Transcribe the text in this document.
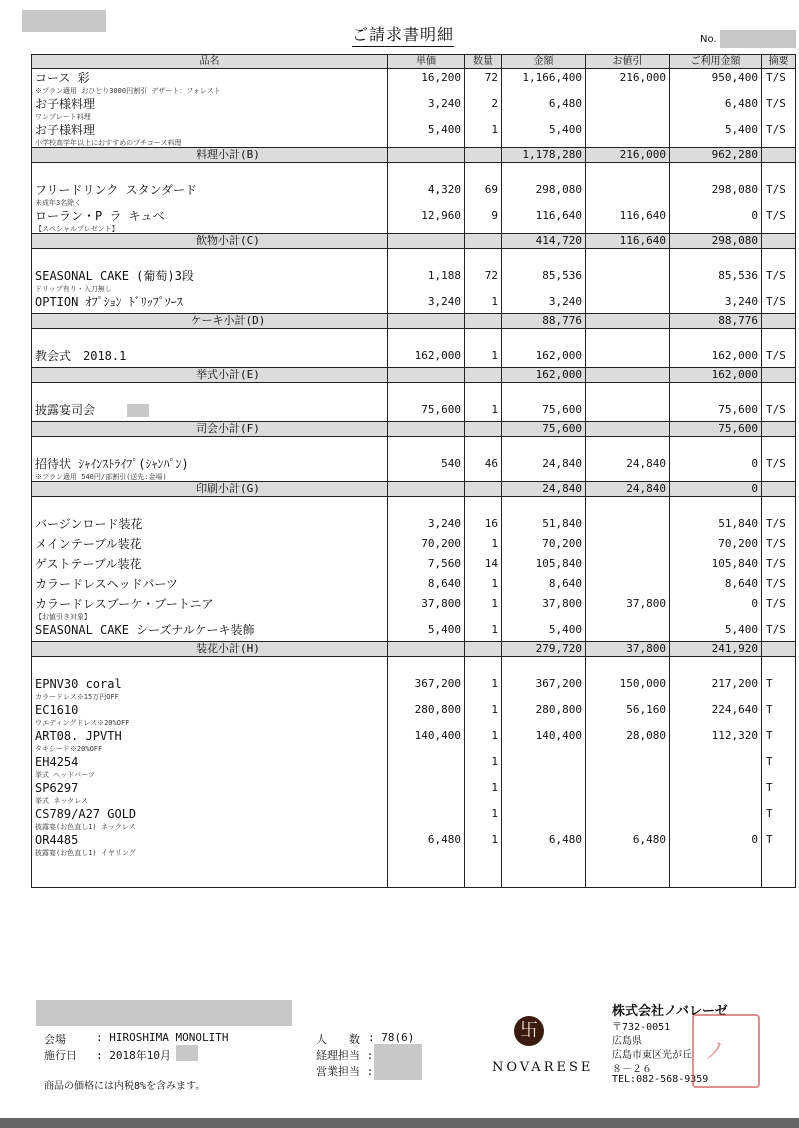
ご請求書明細	No.
品名	単価	数量	金額	お値引	ご利用金額	摘要

コース 彩
※プラン適用 おひとり3000円割引 デザート：フォレスト	16,200	72	1,166,400	216,000	950,400	T/S

お子様料理
ワンプレート料理	3,240	2	6,480		6,480	T/S

お子様料理
小学校高学年以上におすすめのプチコース料理	5,400	1	5,400		5,400	T/S
料理小計(B)			1,178,280	216,000	962,280	

フリードリンク スタンダード
未成年3名除く	4,320	69	298,080		298,080	T/S

ローラン・P ラ キュベ
【スペシャルプレゼント】	12,960	9	116,640	116,640	0	T/S
飲物小計(C)			414,720	116,640	298,080	

SEASONAL CAKE (葡萄)3段
ドリップ有り・入刀無し	1,188	72	85,536		85,536	T/S

OPTION ｵﾌﾟｼｮﾝ ﾄﾞﾘｯﾌﾟｿｰｽ	3,240	1	3,240		3,240	T/S
ケーキ小計(D)			88,776		88,776	

教会式　2018.1	162,000	1	162,000		162,000	T/S
挙式小計(E)			162,000		162,000	

披露宴司会	75,600	1	75,600		75,600	T/S
司会小計(F)			75,600		75,600	

招待状 ｼｬｲﾝｽﾄﾗｲﾌﾟ(ｼｬﾝﾊﾟﾝ)
※プラン適用 540円/部割引(送先:金場)	540	46	24,840	24,840	0	T/S
印刷小計(G)			24,840	24,840	0	

バージンロード装花	3,240	16	51,840		51,840	T/S

メインテーブル装花	70,200	1	70,200		70,200	T/S

ゲストテーブル装花	7,560	14	105,840		105,840	T/S

カラードレスヘッドパーツ	8,640	1	8,640		8,640	T/S

カラードレスブーケ・ブートニア
【お値引き対象】	37,800	1	37,800	37,800	0	T/S

SEASONAL CAKE シーズナルケーキ装飾	5,400	1	5,400		5,400	T/S
装花小計(H)			279,720	37,800	241,920	

EPNV30 coral
カラードレス※15万円OFF	367,200	1	367,200	150,000	217,200	T

EC1610
ウエディングドレス※20%OFF	280,800	1	280,800	56,160	224,640	T

ART08. JPVTH
タキシード※20%OFF	140,400	1	140,400	28,080	112,320	T

EH4254
挙式 ヘッドパーツ		1				T

SP6297
挙式 ネックレス		1				T

CS789/A27 GOLD
披露宴(お色直し1) ネックレス		1				T

OR4485
披露宴(お色直し1) イヤリング	6,480	1	6,480	6,480	0	T

会場	: HIROSHIMA MONOLITH
施行日 : 2018年10月
人　　数 : 78(6)
経理担当 :
営業担当 :
商品の価格には内税8%を含みます。
卐
NOVARESE
株式会社ノバレーゼ
〒732-0051
広島県
広島市東区光が丘
８－２６
TEL:082-568-9359
ノ
